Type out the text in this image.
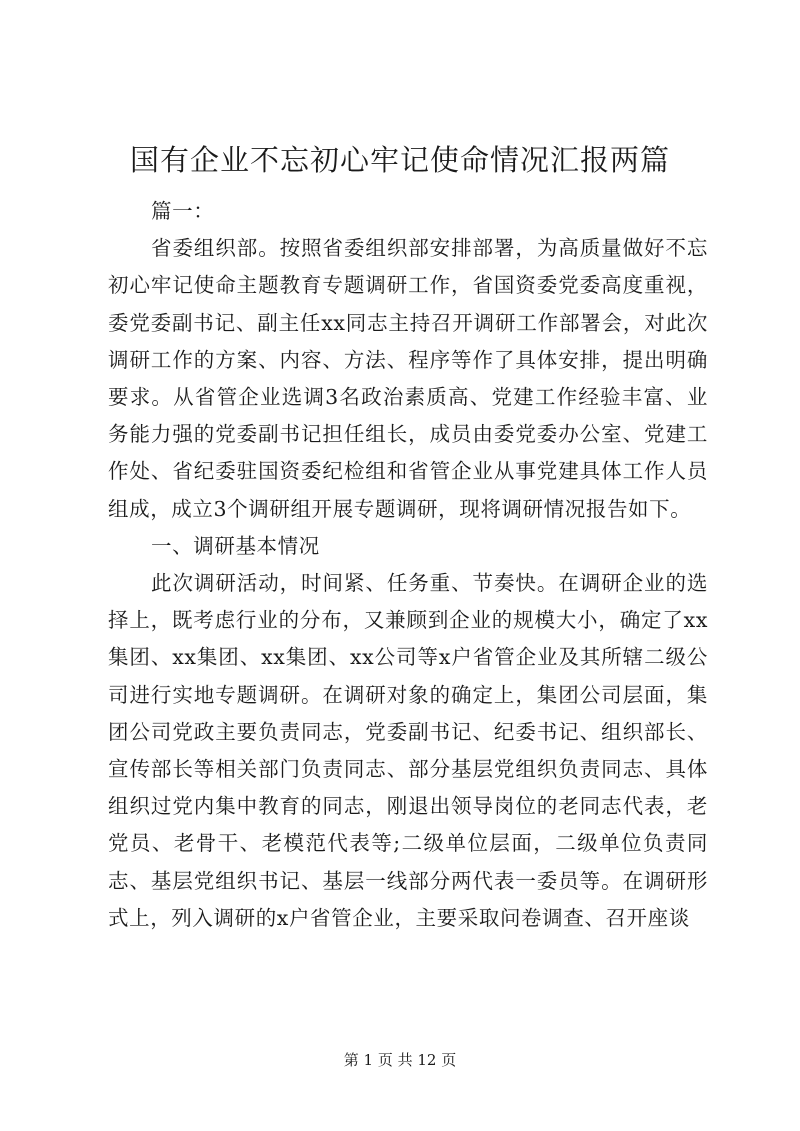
国有企业不忘初心牢记使命情况汇报两篇

篇一：

省委组织部。按照省委组织部安排部署，为高质量做好不忘初心牢记使命主题教育专题调研工作，省国资委党委高度重视，委党委副书记、副主任xx同志主持召开调研工作部署会，对此次调研工作的方案、内容、方法、程序等作了具体安排，提出明确要求。从省管企业选调3名政治素质高、党建工作经验丰富、业务能力强的党委副书记担任组长，成员由委党委办公室、党建工作处、省纪委驻国资委纪检组和省管企业从事党建具体工作人员组成，成立3个调研组开展专题调研，现将调研情况报告如下。

一、调研基本情况

此次调研活动，时间紧、任务重、节奏快。在调研企业的选择上，既考虑行业的分布，又兼顾到企业的规模大小，确定了xx集团、xx集团、xx集团、xx公司等x户省管企业及其所辖二级公司进行实地专题调研。在调研对象的确定上，集团公司层面，集团公司党政主要负责同志，党委副书记、纪委书记、组织部长、宣传部长等相关部门负责同志、部分基层党组织负责同志、具体组织过党内集中教育的同志，刚退出领导岗位的老同志代表，老党员、老骨干、老模范代表等;二级单位层面，二级单位负责同志、基层党组织书记、基层一线部分两代表一委员等。在调研形式上，列入调研的x户省管企业，主要采取问卷调查、召开座谈

第 1 页 共 12 页
